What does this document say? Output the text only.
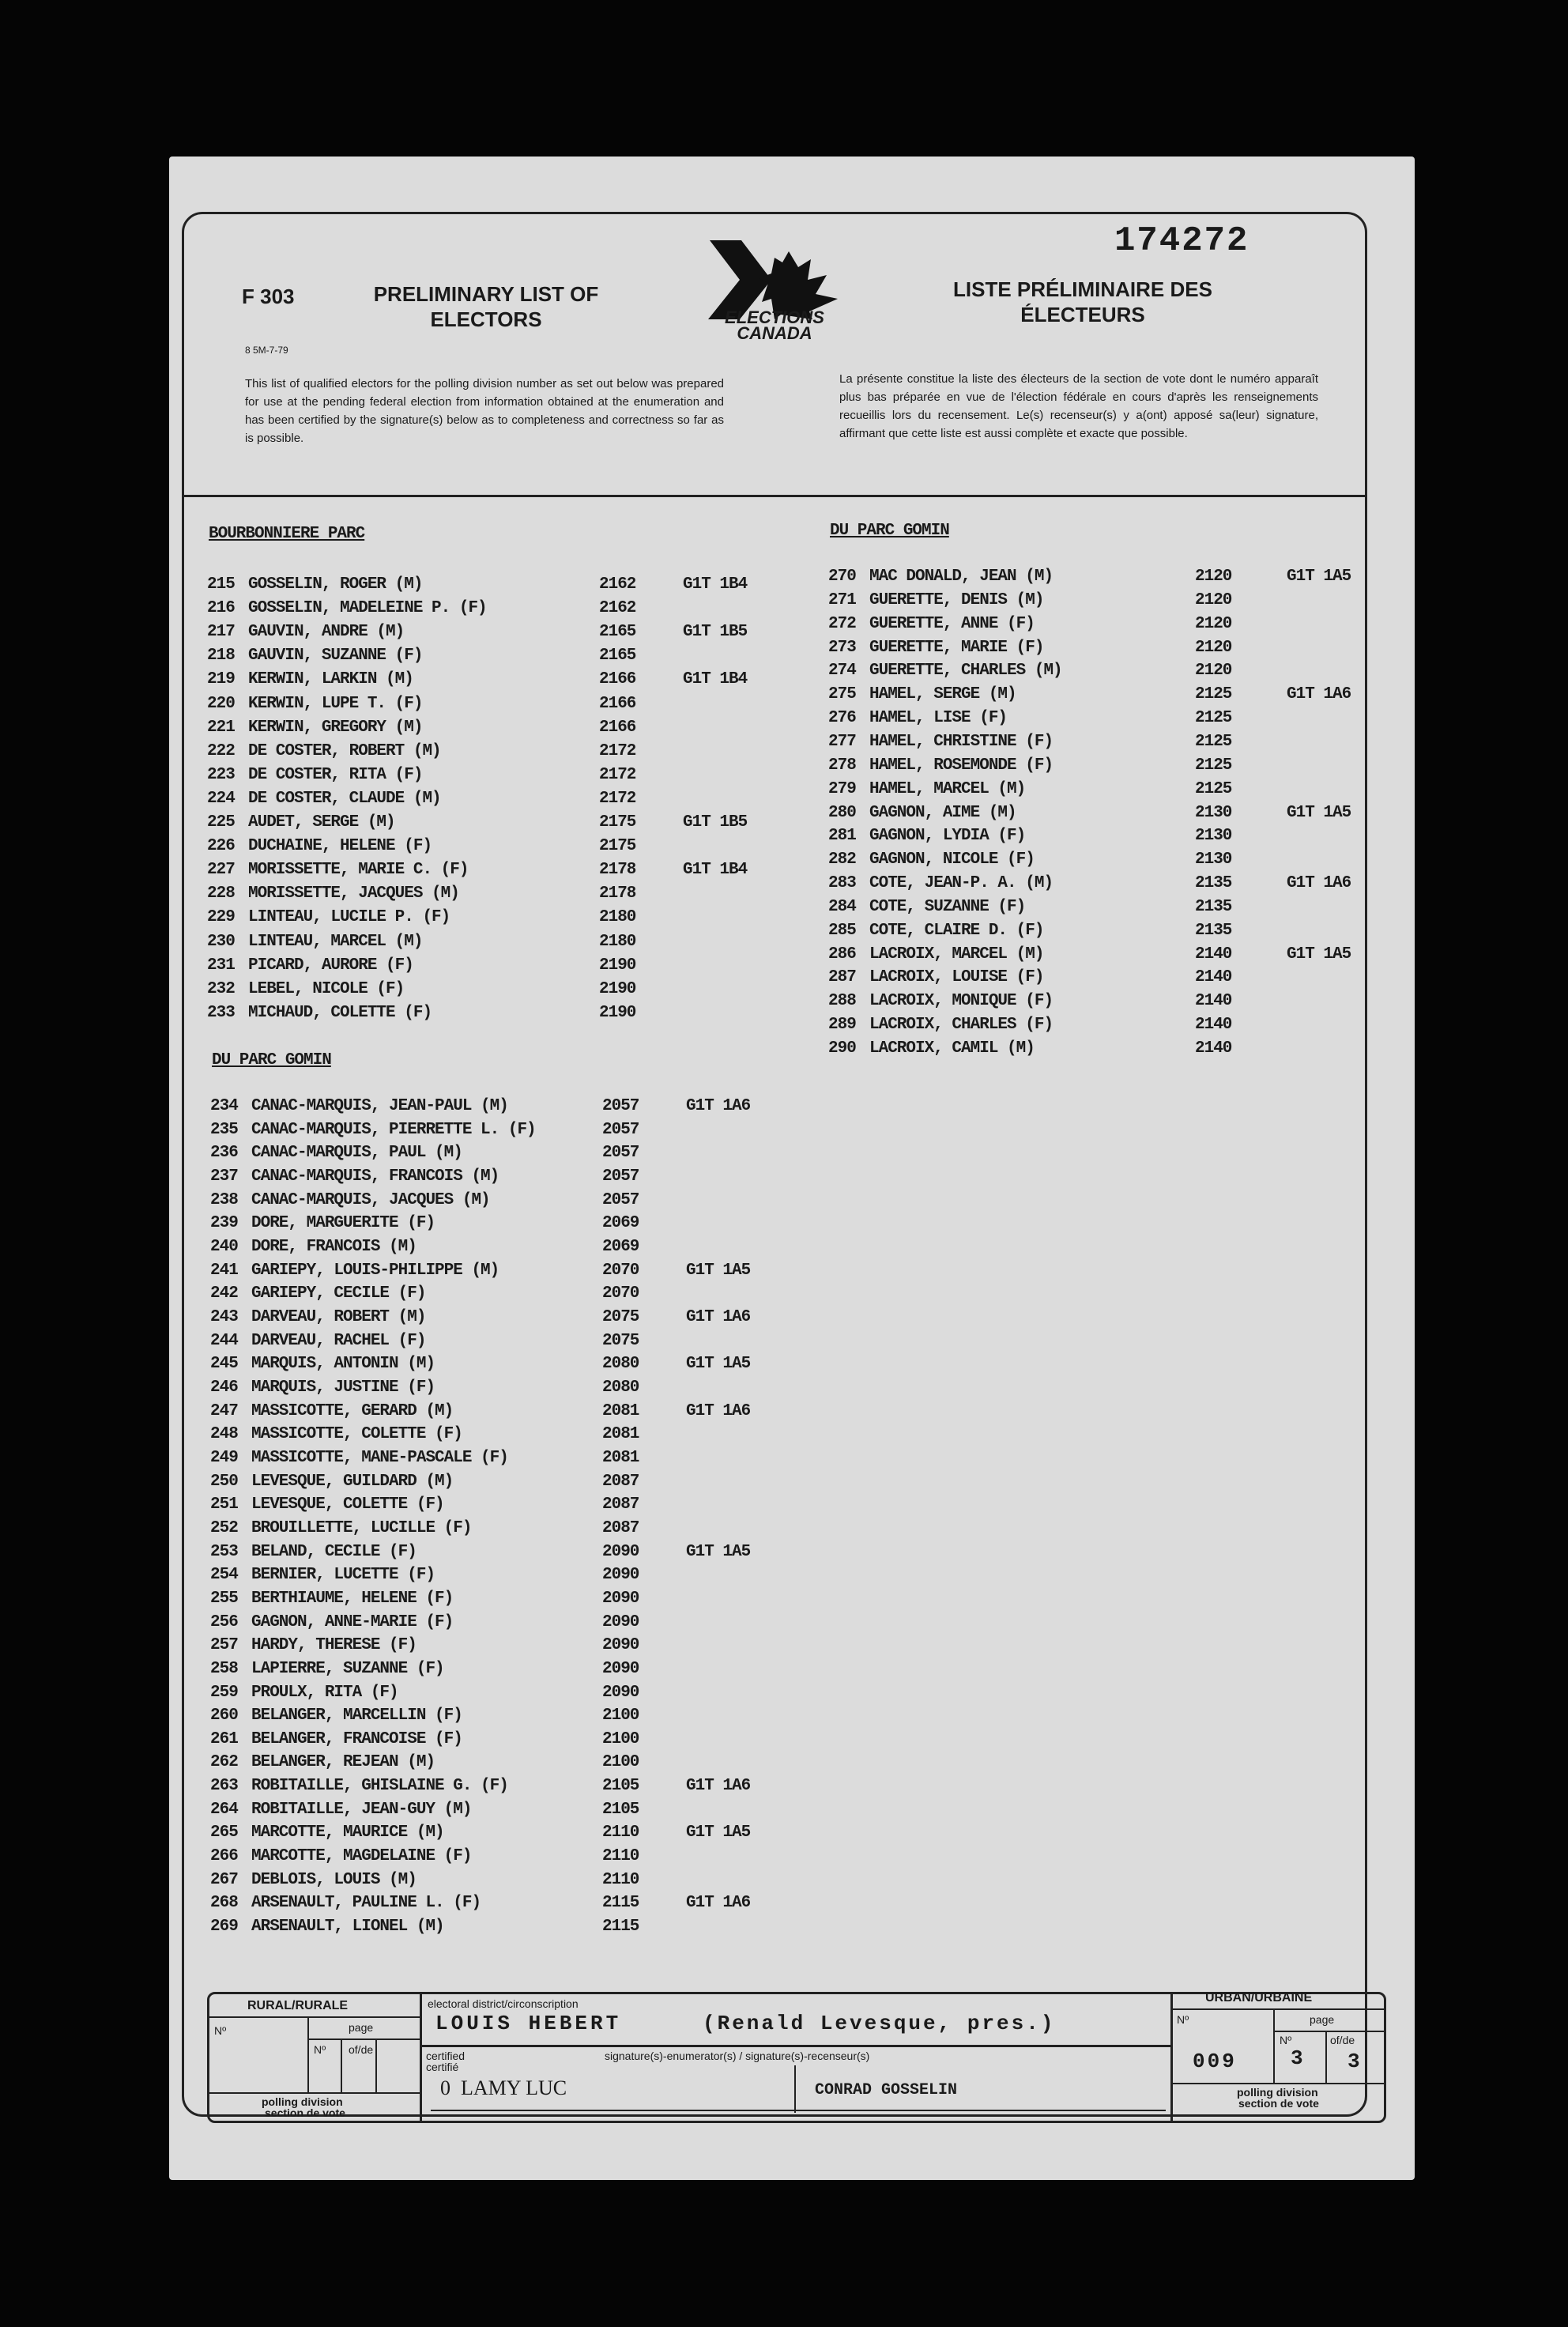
174272
F 303
8 5M-7-79
PRELIMINARY LIST OF ELECTORS
LISTE PRÉLIMINAIRE DES ÉLECTEURS
ELECTIONS
CANADA
This list of qualified electors for the polling division number as set out below was prepared for use at the pending federal election from information obtained at the enumeration and has been certified by the signature(s) below as to completeness and correctness so far as is possible.
La présente constitue la liste des électeurs de la section de vote dont le numéro apparaît plus bas préparée en vue de l'élection fédérale en cours d'après les renseignements recueillis lors du recensement. Le(s) recenseur(s) y a(ont) apposé sa(leur) signature, affirmant que cette liste est aussi complète et exacte que possible.
BOURBONNIERE PARC
215 GOSSELIN, ROGER (M)	2162	G1T 1B4
216 GOSSELIN, MADELEINE P. (F)	2162
217 GAUVIN, ANDRE (M)	2165	G1T 1B5
218 GAUVIN, SUZANNE (F)	2165
219 KERWIN, LARKIN (M)	2166	G1T 1B4
220 KERWIN, LUPE T. (F)	2166
221 KERWIN, GREGORY (M)	2166
222 DE COSTER, ROBERT (M)	2172
223 DE COSTER, RITA (F)	2172
224 DE COSTER, CLAUDE (M)	2172
225 AUDET, SERGE (M)	2175	G1T 1B5
226 DUCHAINE, HELENE (F)	2175
227 MORISSETTE, MARIE C. (F)	2178	G1T 1B4
228 MORISSETTE, JACQUES (M)	2178
229 LINTEAU, LUCILE P. (F)	2180
230 LINTEAU, MARCEL (M)	2180
231 PICARD, AURORE (F)	2190
232 LEBEL, NICOLE (F)	2190
233 MICHAUD, COLETTE (F)	2190
DU PARC GOMIN
234 CANAC-MARQUIS, JEAN-PAUL (M)	2057	G1T 1A6
235 CANAC-MARQUIS, PIERRETTE L. (F)	2057
236 CANAC-MARQUIS, PAUL (M)	2057
237 CANAC-MARQUIS, FRANCOIS (M)	2057
238 CANAC-MARQUIS, JACQUES (M)	2057
239 DORE, MARGUERITE (F)	2069
240 DORE, FRANCOIS (M)	2069
241 GARIEPY, LOUIS-PHILIPPE (M)	2070	G1T 1A5
242 GARIEPY, CECILE (F)	2070
243 DARVEAU, ROBERT (M)	2075	G1T 1A6
244 DARVEAU, RACHEL (F)	2075
245 MARQUIS, ANTONIN (M)	2080	G1T 1A5
246 MARQUIS, JUSTINE (F)	2080
247 MASSICOTTE, GERARD (M)	2081	G1T 1A6
248 MASSICOTTE, COLETTE (F)	2081
249 MASSICOTTE, MANE-PASCALE (F)	2081
250 LEVESQUE, GUILDARD (M)	2087
251 LEVESQUE, COLETTE (F)	2087
252 BROUILLETTE, LUCILLE (F)	2087
253 BELAND, CECILE (F)	2090	G1T 1A5
254 BERNIER, LUCETTE (F)	2090
255 BERTHIAUME, HELENE (F)	2090
256 GAGNON, ANNE-MARIE (F)	2090
257 HARDY, THERESE (F)	2090
258 LAPIERRE, SUZANNE (F)	2090
259 PROULX, RITA (F)	2090
260 BELANGER, MARCELLIN (F)	2100
261 BELANGER, FRANCOISE (F)	2100
262 BELANGER, REJEAN (M)	2100
263 ROBITAILLE, GHISLAINE G. (F)	2105	G1T 1A6
264 ROBITAILLE, JEAN-GUY (M)	2105
265 MARCOTTE, MAURICE (M)	2110	G1T 1A5
266 MARCOTTE, MAGDELAINE (F)	2110
267 DEBLOIS, LOUIS (M)	2110
268 ARSENAULT, PAULINE L. (F)	2115	G1T 1A6
269 ARSENAULT, LIONEL (M)	2115
DU PARC GOMIN
270 MAC DONALD, JEAN (M)	2120	G1T 1A5
271 GUERETTE, DENIS (M)	2120
272 GUERETTE, ANNE (F)	2120
273 GUERETTE, MARIE (F)	2120
274 GUERETTE, CHARLES (M)	2120
275 HAMEL, SERGE (M)	2125	G1T 1A6
276 HAMEL, LISE (F)	2125
277 HAMEL, CHRISTINE (F)	2125
278 HAMEL, ROSEMONDE (F)	2125
279 HAMEL, MARCEL (M)	2125
280 GAGNON, AIME (M)	2130	G1T 1A5
281 GAGNON, LYDIA (F)	2130
282 GAGNON, NICOLE (F)	2130
283 COTE, JEAN-P. A. (M)	2135	G1T 1A6
284 COTE, SUZANNE (F)	2135
285 COTE, CLAIRE D. (F)	2135
286 LACROIX, MARCEL (M)	2140	G1T 1A5
287 LACROIX, LOUISE (F)	2140
288 LACROIX, MONIQUE (F)	2140
289 LACROIX, CHARLES (F)	2140
290 LACROIX, CAMIL (M)	2140
RURAL/RURALE
Nº	page
Nº of/de
polling division
section de vote
electoral district/circonscription
LOUIS HEBERT	(Renald Levesque, pres.)
certified
certifié
signature(s)-enumerator(s) / signature(s)-recenseur(s)
0 LAMY LUC	CONRAD GOSSELIN
URBAN/URBAINE
Nº	page
Nº	of/de
009	3 3
polling division
section de vote
